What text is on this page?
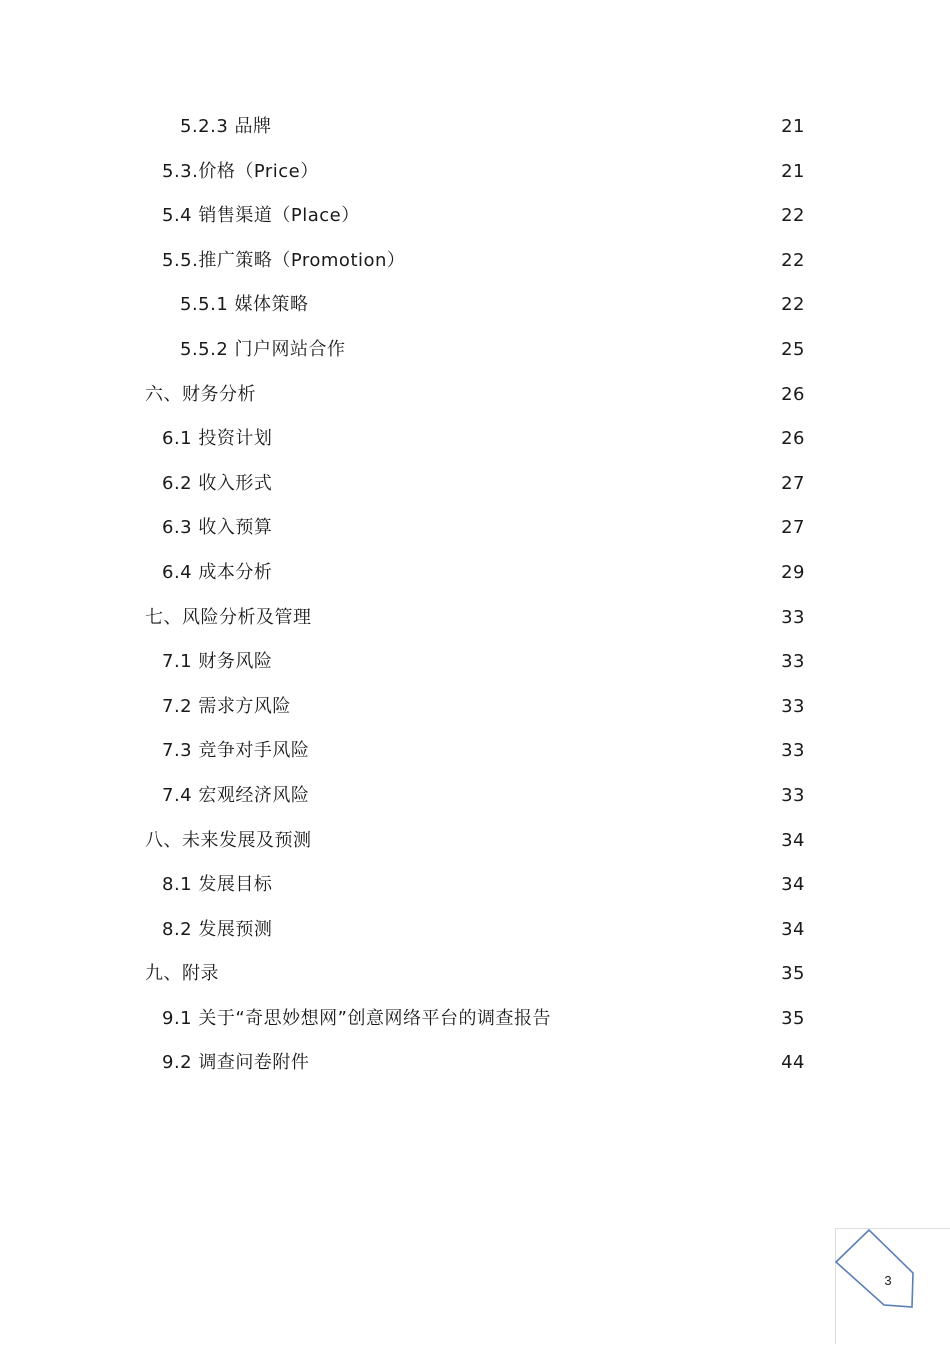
5.2.3 品牌	21
5.3.价格（Price）	21
5.4 销售渠道（Place）	22
5.5.推广策略（Promotion）	22
5.5.1 媒体策略	22
5.5.2 门户网站合作	25
六、财务分析	26
6.1 投资计划	26
6.2 收入形式	27
6.3 收入预算	27
6.4 成本分析	29
七、风险分析及管理	33
7.1 财务风险	33
7.2 需求方风险	33
7.3 竞争对手风险	33
7.4 宏观经济风险	33
八、未来发展及预测	34
8.1 发展目标	34
8.2 发展预测	34
九、附录	35
9.1 关于“奇思妙想网”创意网络平台的调查报告	35
9.2 调查问卷附件	44
3
